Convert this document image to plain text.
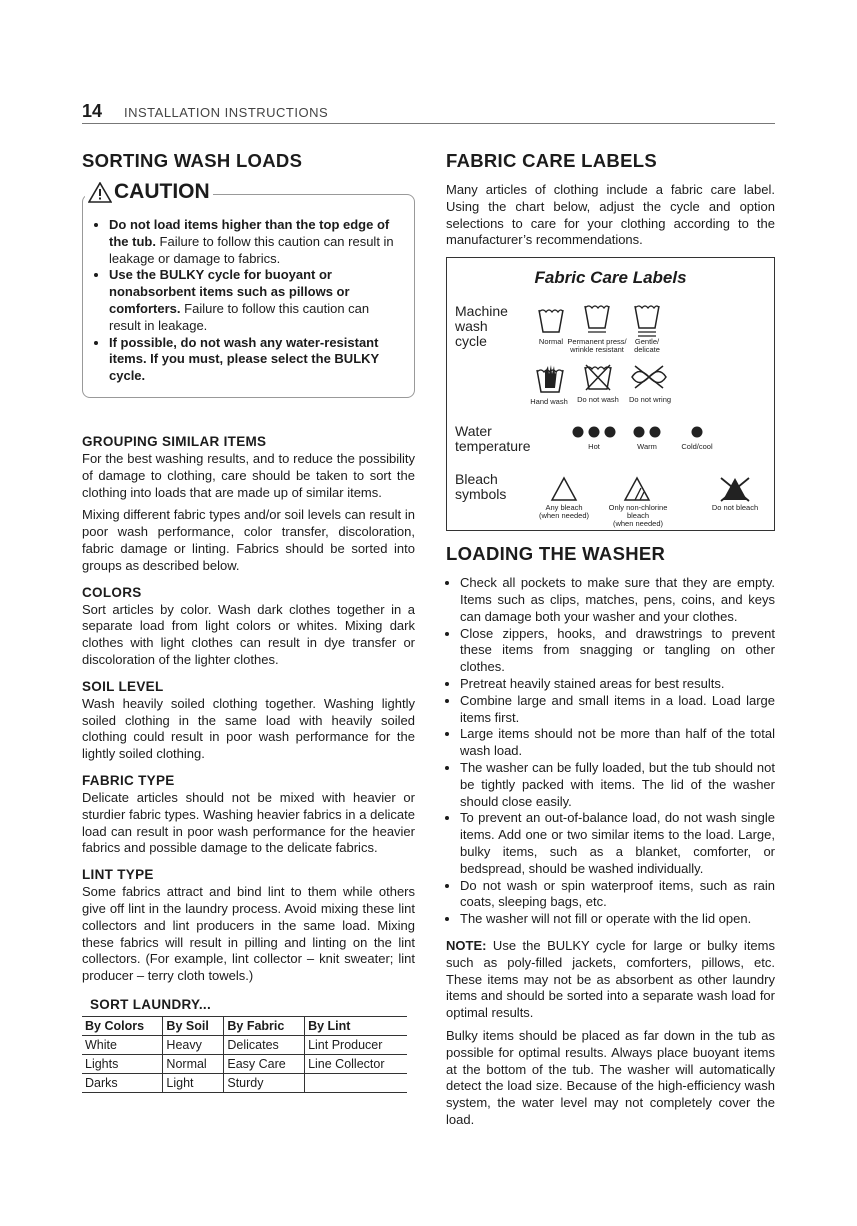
14	INSTALLATION INSTRUCTIONS
SORTING WASH LOADS
CAUTION
• Do not load items higher than the top edge of the tub. Failure to follow this caution can result in leakage or damage to fabrics.
• Use the BULKY cycle for buoyant or nonabsorbent items such as pillows or comforters. Failure to follow this caution can result in leakage.
• If possible, do not wash any water-resistant items. If you must, please select the BULKY cycle.
GROUPING SIMILAR ITEMS

For the best washing results, and to reduce the possibility of damage to clothing, care should be taken to sort the clothing into loads that are made up of similar items.

Mixing different fabric types and/or soil levels can result in poor wash performance, color transfer, discoloration, fabric damage or linting. Fabrics should be sorted into groups as described below.

COLORS

Sort articles by color. Wash dark clothes together in a separate load from light colors or whites. Mixing dark clothes with light clothes can result in dye transfer or discoloration of the lighter clothes.

SOIL LEVEL

Wash heavily soiled clothing together. Washing lightly soiled clothing in the same load with heavily soiled clothing could result in poor wash performance for the lightly soiled clothing.

FABRIC TYPE

Delicate articles should not be mixed with heavier or sturdier fabric types. Washing heavier fabrics in a delicate load can result in poor wash performance for the heavier fabrics and possible damage to the delicate fabrics.

LINT TYPE

Some fabrics attract and bind lint to them while others give off lint in the laundry process. Avoid mixing these lint collectors and lint producers in the same load. Mixing these fabrics will result in pilling and linting on the lint collectors. (For example, lint collector – knit sweater; lint producer – terry cloth towels.)

SORT LAUNDRY...
By Colors	By Soil	By Fabric	By Lint
White	Heavy	Delicates	Lint Producer
Lights	Normal	Easy Care	Line Collector
Darks	Light	Sturdy	
FABRIC CARE LABELS

Many articles of clothing include a fabric care label. Using the chart below, adjust the cycle and option selections to care for your clothing according to the manufacturer’s recommendations.

Fabric Care Labels
Machine
wash
cycle
Water
temperature
Bleach
symbols
Normal Permanent press/
wrinkle resistant
Gentle/
delicate
Hand wash	Do not wash	Do not wring
Hot	Warm	Cold/cool
Any bleach
(when needed)
Only non-chlorine bleach
(when needed)
Do not bleach
LOADING THE WASHER
• Check all pockets to make sure that they are empty. Items such as clips, matches, pens, coins, and keys can damage both your washer and your clothes.
• Close zippers, hooks, and drawstrings to prevent these items from snagging or tangling on other clothes.
• Pretreat heavily stained areas for best results.
• Combine large and small items in a load. Load large items first.
• Large items should not be more than half of the total wash load.
• The washer can be fully loaded, but the tub should not be tightly packed with items. The lid of the washer should close easily.
• To prevent an out-of-balance load, do not wash single items. Add one or two similar items to the load. Large, bulky items, such as a blanket, comforter, or bedspread, should be washed individually.
• Do not wash or spin waterproof items, such as rain coats, sleeping bags, etc.
• The washer will not fill or operate with the lid open.

NOTE: Use the BULKY cycle for large or bulky items such as poly-filled jackets, comforters, pillows, etc. These items may not be as absorbent as other laundry items and should be sorted into a separate wash load for optimal results.

Bulky items should be placed as far down in the tub as possible for optimal results. Always place buoyant items at the bottom of the tub. The washer will automatically detect the load size. Because of the high-efficiency wash system, the water level may not completely cover the load.
